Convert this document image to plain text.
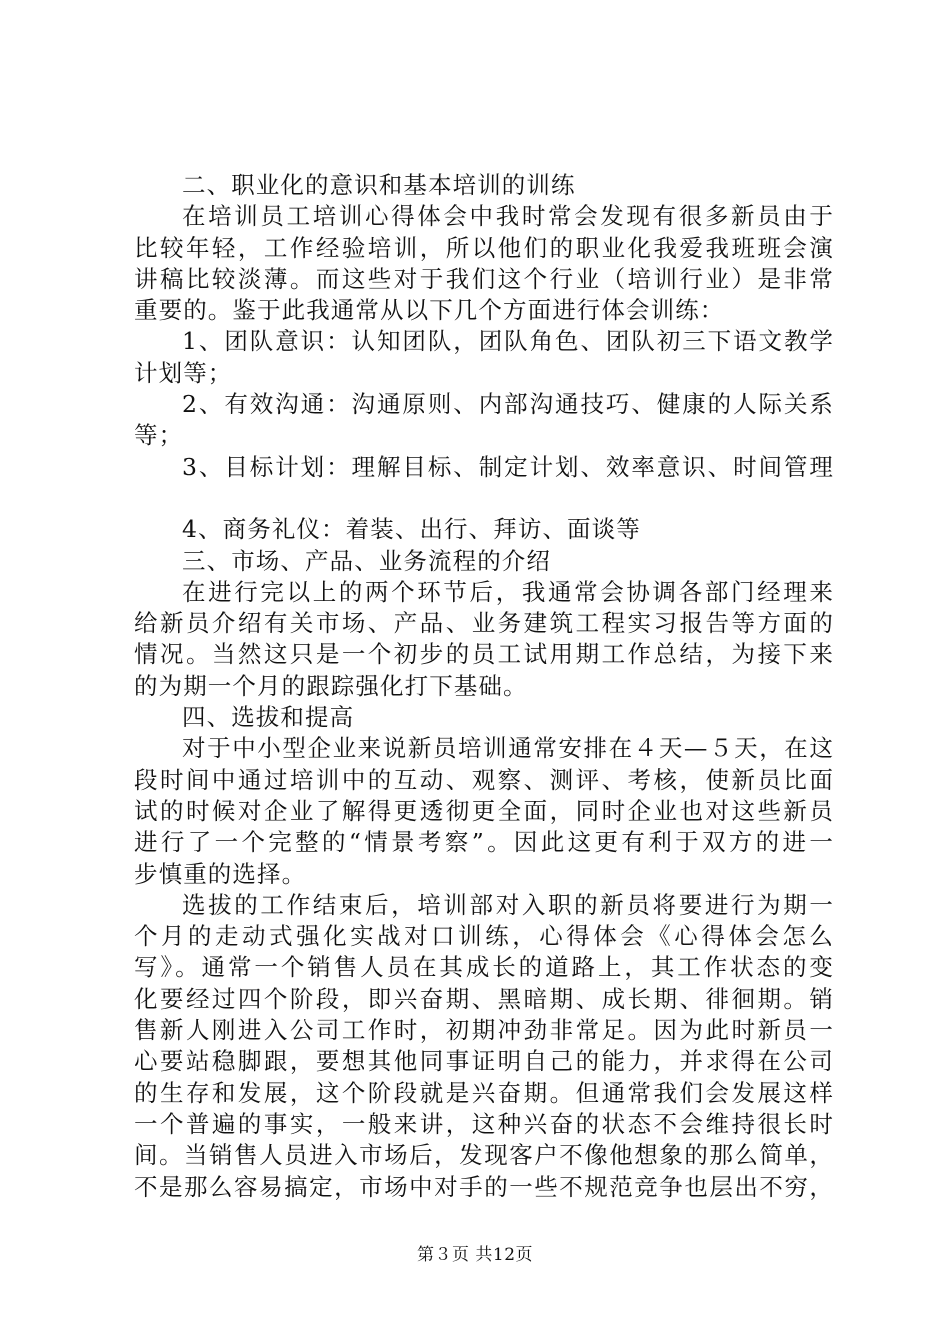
二、职业化的意识和基本培训的训练
在培训员工培训心得体会中我时常会发现有很多新员由于
比较年轻，工作经验培训，所以他们的职业化我爱我班班会演
讲稿比较淡薄。而这些对于我们这个行业（培训行业）是非常
重要的。鉴于此我通常从以下几个方面进行体会训练：
1、团队意识：认知团队，团队角色、团队初三下语文教学
计划等；
2、有效沟通：沟通原则、内部沟通技巧、健康的人际关系
等；
3、目标计划：理解目标、制定计划、效率意识、时间管理
4、商务礼仪：着装、出行、拜访、面谈等
三、市场、产品、业务流程的介绍
在进行完以上的两个环节后，我通常会协调各部门经理来
给新员介绍有关市场、产品、业务建筑工程实习报告等方面的
情况。当然这只是一个初步的员工试用期工作总结，为接下来
的为期一个月的跟踪强化打下基础。
四、选拔和提高
对于中小型企业来说新员培训通常安排在４天—５天，在这
段时间中通过培训中的互动、观察、测评、考核，使新员比面
试的时候对企业了解得更透彻更全面，同时企业也对这些新员
进行了一个完整的“情景考察”。因此这更有利于双方的进一
步慎重的选择。
选拔的工作结束后，培训部对入职的新员将要进行为期一
个月的走动式强化实战对口训练，心得体会《心得体会怎么
写》。通常一个销售人员在其成长的道路上，其工作状态的变
化要经过四个阶段，即兴奋期、黑暗期、成长期、徘徊期。销
售新人刚进入公司工作时，初期冲劲非常足。因为此时新员一
心要站稳脚跟，要想其他同事证明自己的能力，并求得在公司
的生存和发展，这个阶段就是兴奋期。但通常我们会发展这样
一个普遍的事实，一般来讲，这种兴奋的状态不会维持很长时
间。当销售人员进入市场后，发现客户不像他想象的那么简单，
不是那么容易搞定，市场中对手的一些不规范竞争也层出不穷，
第３页 共12页
